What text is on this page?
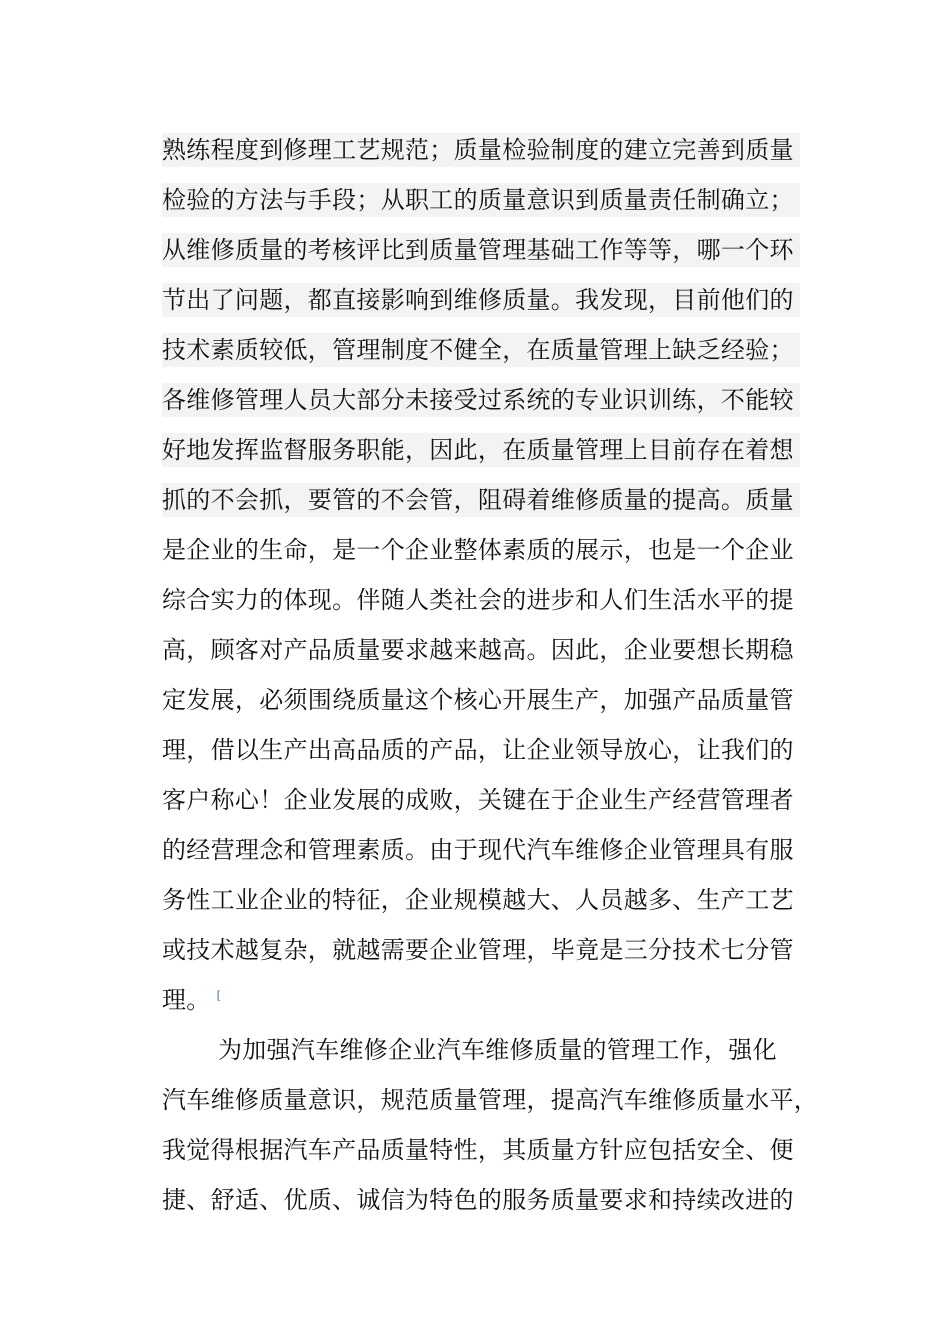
熟练程度到修理工艺规范；质量检验制度的建立完善到质量
检验的方法与手段；从职工的质量意识到质量责任制确立；
从维修质量的考核评比到质量管理基础工作等等，哪一个环
节出了问题，都直接影响到维修质量。我发现，目前他们的
技术素质较低，管理制度不健全，在质量管理上缺乏经验；
各维修管理人员大部分未接受过系统的专业识训练，不能较
好地发挥监督服务职能，因此，在质量管理上目前存在着想
抓的不会抓，要管的不会管，阻碍着维修质量的提高。质量
是企业的生命，是一个企业整体素质的展示，也是一个企业
综合实力的体现。伴随人类社会的进步和人们生活水平的提
高，顾客对产品质量要求越来越高。因此，企业要想长期稳
定发展，必须围绕质量这个核心开展生产，加强产品质量管
理，借以生产出高品质的产品，让企业领导放心，让我们的
客户称心！企业发展的成败，关键在于企业生产经营管理者
的经营理念和管理素质。由于现代汽车维修企业管理具有服
务性工业企业的特征，企业规模越大、人员越多、生产工艺
或技术越复杂，就越需要企业管理，毕竟是三分技术七分管
理。 [
为加强汽车维修企业汽车维修质量的管理工作，强化
汽车维修质量意识，规范质量管理，提高汽车维修质量水平，
我觉得根据汽车产品质量特性，其质量方针应包括安全、便
捷、舒适、优质、诚信为特色的服务质量要求和持续改进的
